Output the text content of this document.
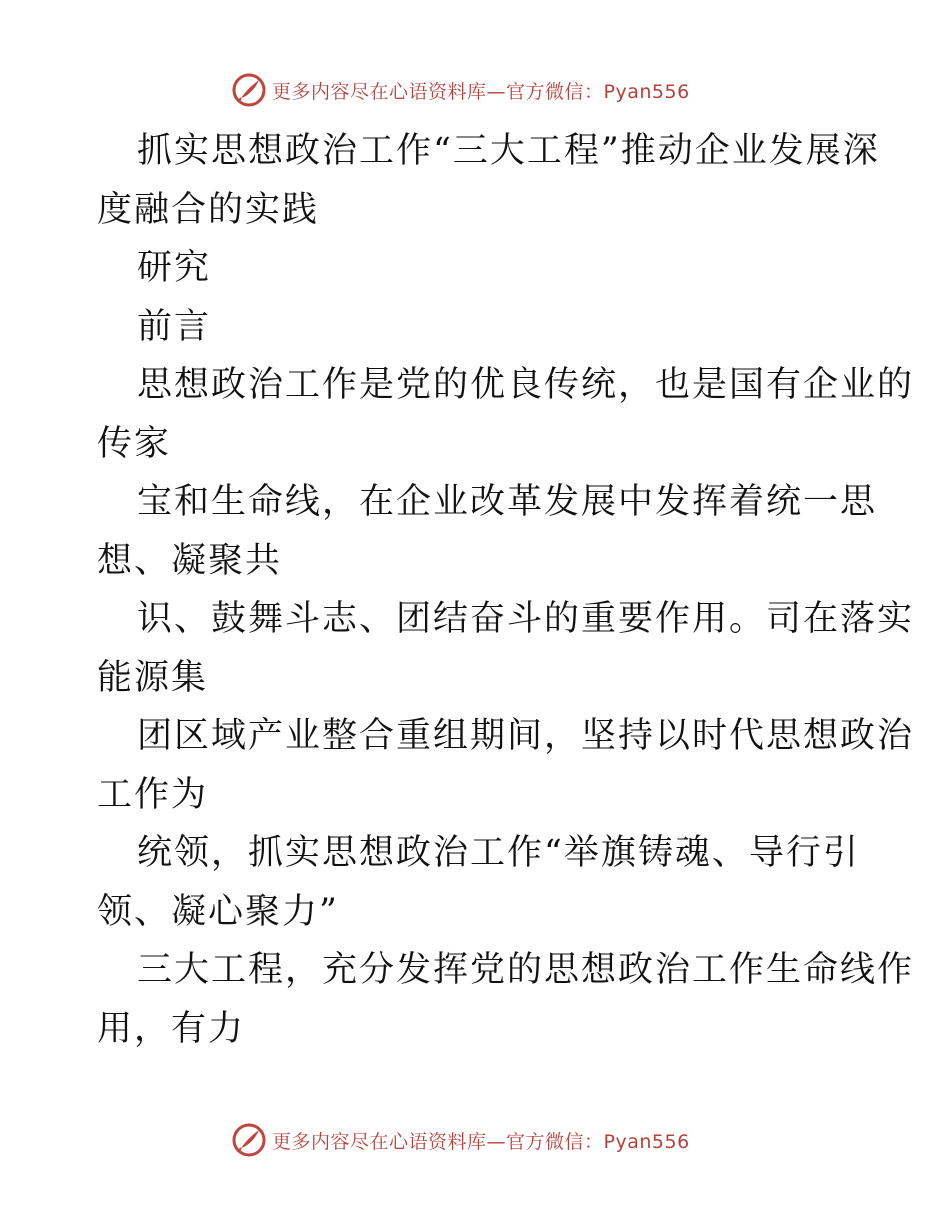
更多内容尽在心语资料库—官方微信：Pyan556

抓实思想政治工作“三大工程”推动企业发展深

度融合的实践

研究

前言

思想政治工作是党的优良传统，也是国有企业的

传家

宝和生命线，在企业改革发展中发挥着统一思

想、凝聚共

识、鼓舞斗志、团结奋斗的重要作用。司在落实

能源集

团区域产业整合重组期间，坚持以时代思想政治

工作为

统领，抓实思想政治工作“举旗铸魂、导行引

领、凝心聚力”

三大工程，充分发挥党的思想政治工作生命线作

用，有力

更多内容尽在心语资料库—官方微信：Pyan556
